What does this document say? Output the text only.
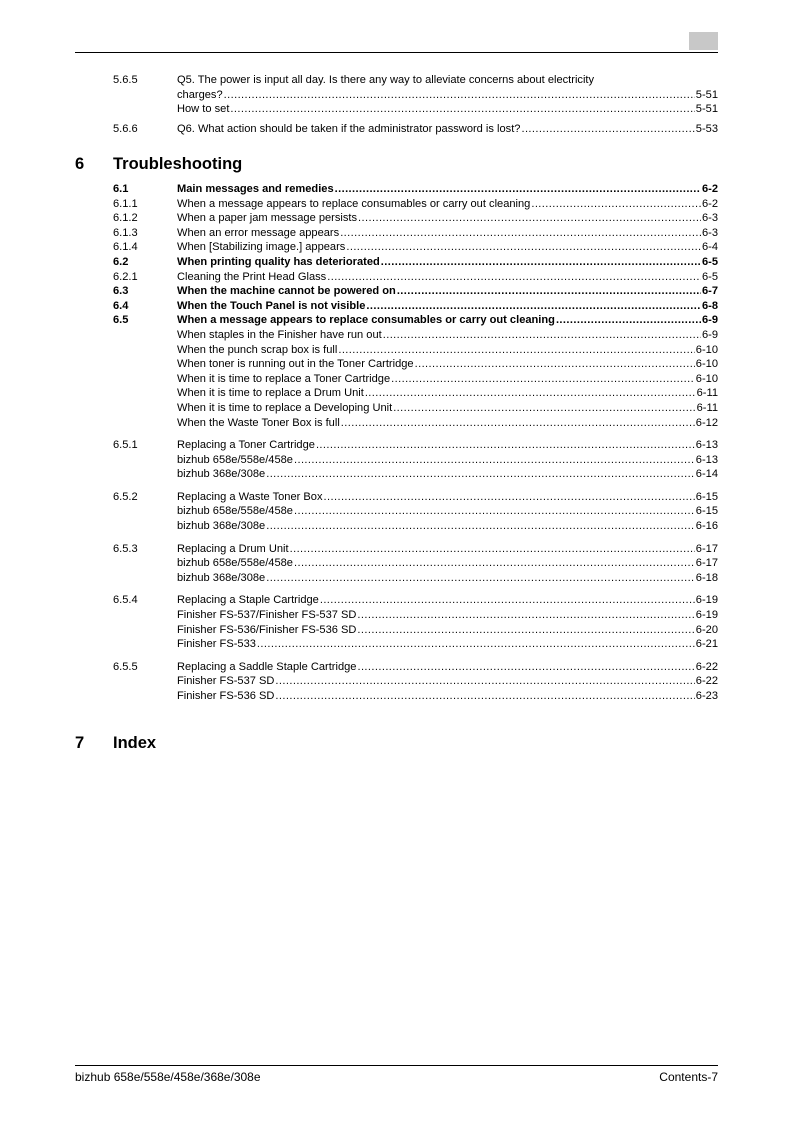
5.6.5	Q5. The power is input all day. Is there any way to alleviate concerns about electricity
charges? .....	5-51
How to set .....	5-51
5.6.6	Q6. What action should be taken if the administrator password is lost? .....	5-53
6 Troubleshooting
6.1	Main messages and remedies .....	6-2
6.1.1	When a message appears to replace consumables or carry out cleaning .....	6-2
6.1.2	When a paper jam message persists .....	6-3
6.1.3	When an error message appears .....	6-3
6.1.4	When [Stabilizing image.] appears .....	6-4
6.2	When printing quality has deteriorated .....	6-5
6.2.1	Cleaning the Print Head Glass .....	6-5
6.3	When the machine cannot be powered on .....	6-7
6.4	When the Touch Panel is not visible .....	6-8
6.5	When a message appears to replace consumables or carry out cleaning .....	6-9
When staples in the Finisher have run out .....	6-9
When the punch scrap box is full .....	6-10
When toner is running out in the Toner Cartridge .....	6-10
When it is time to replace a Toner Cartridge .....	6-10
When it is time to replace a Drum Unit .....	6-11
When it is time to replace a Developing Unit .....	6-11
When the Waste Toner Box is full .....	6-12
6.5.1	Replacing a Toner Cartridge .....	6-13
bizhub 658e/558e/458e .....	6-13
bizhub 368e/308e .....	6-14
6.5.2	Replacing a Waste Toner Box .....	6-15
bizhub 658e/558e/458e .....	6-15
bizhub 368e/308e .....	6-16
6.5.3	Replacing a Drum Unit .....	6-17
bizhub 658e/558e/458e .....	6-17
bizhub 368e/308e .....	6-18
6.5.4	Replacing a Staple Cartridge .....	6-19
Finisher FS-537/Finisher FS-537 SD .....	6-19
Finisher FS-536/Finisher FS-536 SD .....	6-20
Finisher FS-533 .....	6-21
6.5.5	Replacing a Saddle Staple Cartridge .....	6-22
Finisher FS-537 SD .....	6-22
Finisher FS-536 SD .....	6-23
7 Index
bizhub 658e/558e/458e/368e/308e	Contents-7
